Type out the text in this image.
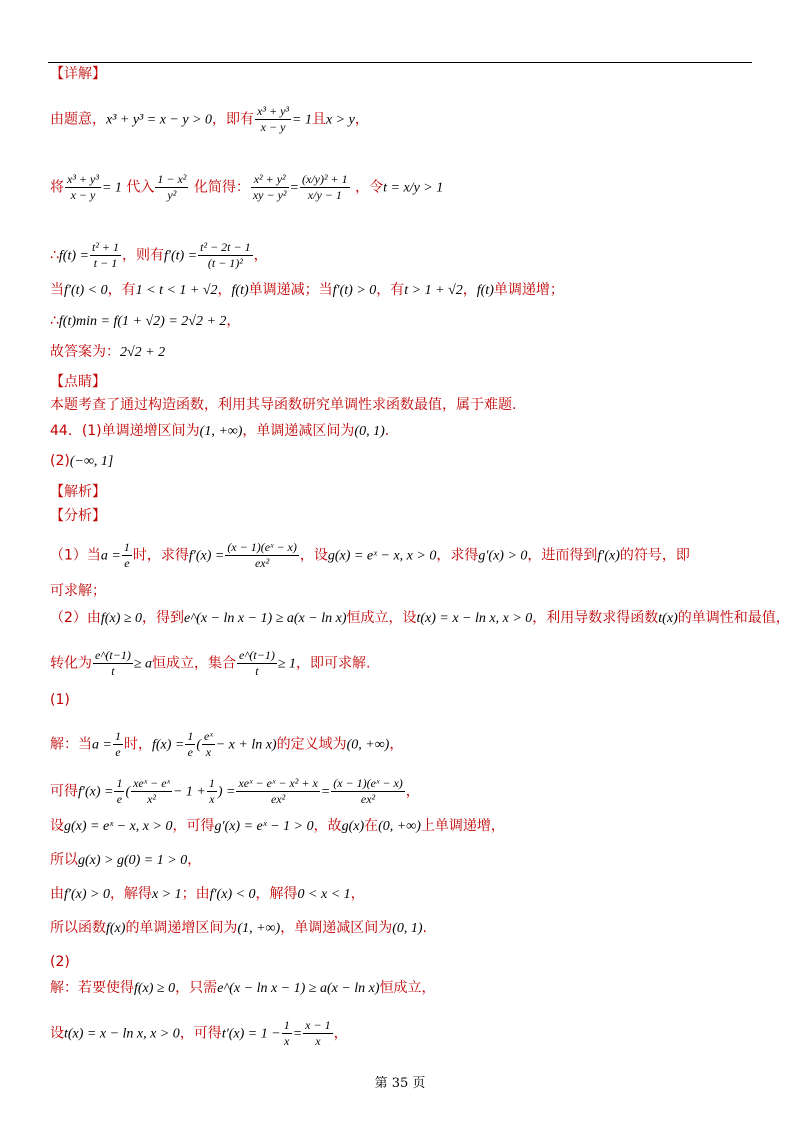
【详解】
由题意，x³ + y³ = x − y > 0，即有 $\frac{\text{x³ + y³}}{x - y} = 1$且x > y，
将 $\frac{\text{x³ + y³}}{x - y} = 1$ 代入 $\frac{\text{1 − x²}}{\text{y²}}$ 化简得： $\frac{\text{x² + y²}}{\text{xy − y²}} = \frac{\text{(x/y)² + 1}}{x/y - 1}$ ，令t = x/y > 1
∴f(t) = $\frac{\text{t² + 1}}{t - 1}$ ，则有$f'(t) = \frac{\text{t² − 2t − 1}}{\text{(t − 1)²}}$ ，
当f′(t) < 0，有1 < t < 1 + √2，f(t)单调递减；当f′(t) > 0，有t > 1 + √2，f(t)单调递增；
∴f(t)min = f(1 + √2) = 2√2 + 2，
故答案为：2√2 + 2
【点睛】
本题考查了通过构造函数，利用其导函数研究单调性求函数最值，属于难题.
44．(1)单调递增区间为(1, +∞)，单调递减区间为(0, 1).
(2)(−∞, 1]
【解析】
【分析】
（1）当$a = \frac{1}{e}$ 时，求得$f'(x) = \frac{\text{(x − 1)(eˣ − x)}}{\text{ex²}}$ ，设g(x) = eˣ − x, x > 0，求得g′(x) > 0，进而得到f′(x)的符号，即
可求解；
（2）由f(x) ≥ 0，得到e^(x − ln x − 1) ≥ a(x − ln x)恒成立，设t(x) = x − ln x, x > 0，利用导数求得函数t(x)的单调性和最值，
转化为 $\frac{e\^{}(t-1)}{t} \ge a$恒成立，集合 $\frac{e\^{}(t-1)}{t} \ge 1$，即可求解.
(1)
解：当$a = \frac{1}{e}$ 时，$f(x) = \frac{1}{e}$ ( $\frac{\text{eˣ}}{x} - x + \ln x$)的定义域为(0, +∞)，
可得$f'(x) = \frac{1}{e}$ ( $\frac{\text{xeˣ − eˣ}}{\text{x²}} - 1 + \frac{1}{x}$ ) = $\frac{\text{xeˣ − eˣ − x² + x}}{\text{ex²}} = \frac{\text{(x − 1)(eˣ − x)}}{\text{ex²}}$ ，
设g(x) = eˣ − x, x > 0，可得g′(x) = eˣ − 1 > 0，故g(x)在(0, +∞)上单调递增，
所以g(x) > g(0) = 1 > 0，
由f′(x) > 0，解得x > 1；由f′(x) < 0，解得0 < x < 1，
所以函数f(x)的单调递增区间为(1, +∞)，单调递减区间为(0, 1).
(2)
解：若要使得f(x) ≥ 0，只需e^(x − ln x − 1) ≥ a(x − ln x)恒成立，
设t(x) = x − ln x, x > 0，可得$t'(x) = 1 - \frac{1}{x} = \frac{x - 1}{x}$ ，
第 35 页
